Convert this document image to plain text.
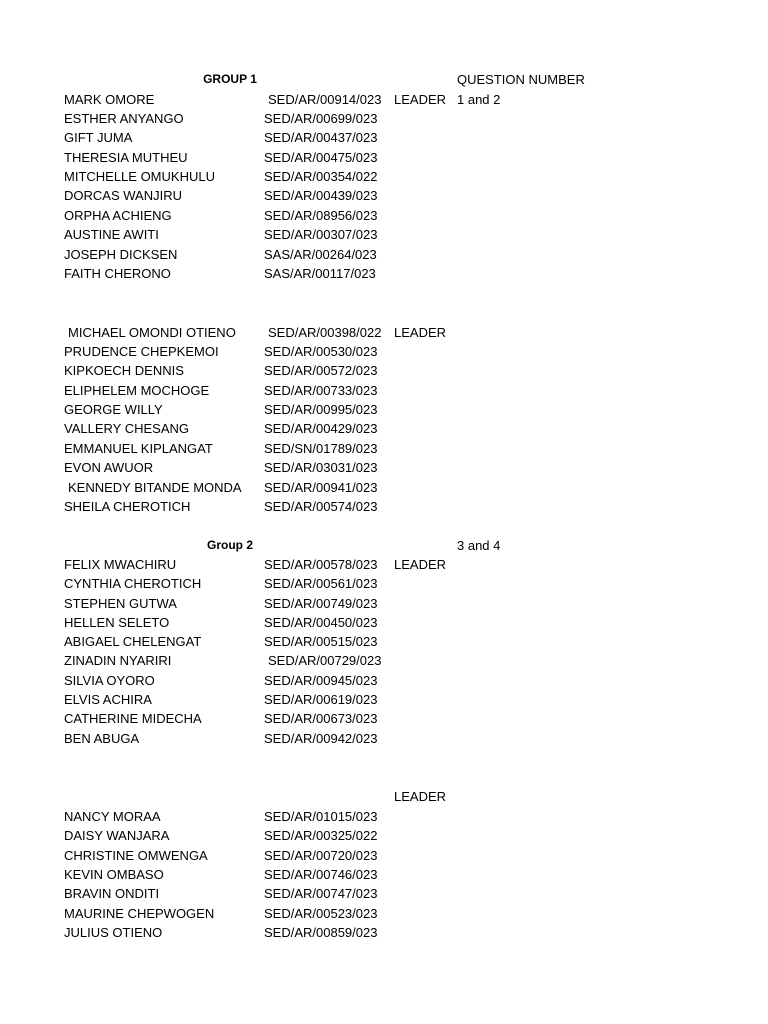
GROUP 1	QUESTION NUMBER
MARK OMORE	SED/AR/00914/023 LEADER 1 and 2
ESTHER ANYANGO	SED/AR/00699/023
GIFT JUMA	SED/AR/00437/023
THERESIA MUTHEU	SED/AR/00475/023
MITCHELLE OMUKHULU	SED/AR/00354/022
DORCAS WANJIRU	SED/AR/00439/023
ORPHA ACHIENG	SED/AR/08956/023
AUSTINE AWITI	SED/AR/00307/023
JOSEPH DICKSEN	SAS/AR/00264/023
FAITH CHERONO	SAS/AR/00117/023
MICHAEL OMONDI OTIENO SED/AR/00398/022 LEADER
PRUDENCE CHEPKEMOI	SED/AR/00530/023
KIPKOECH DENNIS	SED/AR/00572/023
ELIPHELEM MOCHOGE	SED/AR/00733/023
GEORGE WILLY	SED/AR/00995/023
VALLERY CHESANG	SED/AR/00429/023
EMMANUEL KIPLANGAT	SED/SN/01789/023
EVON AWUOR	SED/AR/03031/023
KENNEDY BITANDE MONDA SED/AR/00941/023
SHEILA CHEROTICH	SED/AR/00574/023
Group 2	3 and 4
FELIX MWACHIRU	SED/AR/00578/023 LEADER
CYNTHIA CHEROTICH	SED/AR/00561/023
STEPHEN GUTWA	SED/AR/00749/023
HELLEN SELETO	SED/AR/00450/023
ABIGAEL CHELENGAT	SED/AR/00515/023
ZINADIN NYARIRI	SED/AR/00729/023
SILVIA OYORO	SED/AR/00945/023
ELVIS ACHIRA	SED/AR/00619/023
CATHERINE MIDECHA	SED/AR/00673/023
BEN ABUGA	SED/AR/00942/023
LEADER
NANCY MORAA	SED/AR/01015/023
DAISY WANJARA	SED/AR/00325/022
CHRISTINE OMWENGA	SED/AR/00720/023
KEVIN OMBASO	SED/AR/00746/023
BRAVIN ONDITI	SED/AR/00747/023
MAURINE CHEPWOGEN	SED/AR/00523/023
JULIUS OTIENO	SED/AR/00859/023
